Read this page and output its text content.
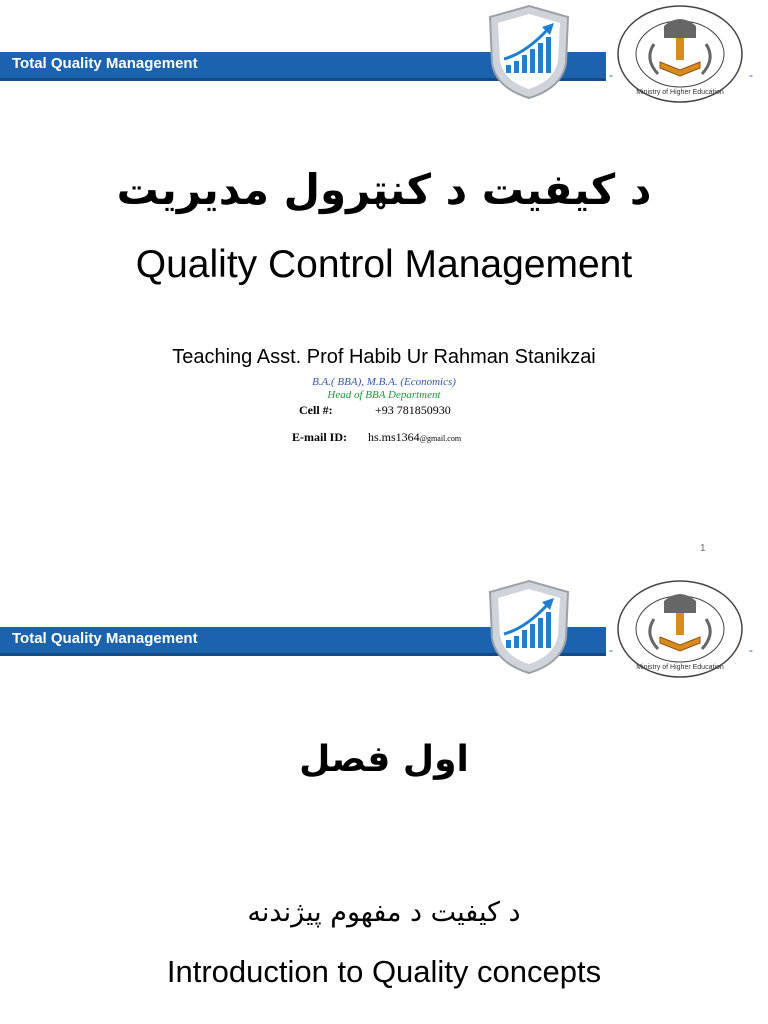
Total Quality Management
-
Ministry of Higher Education
-
د کیفیت د کنټرول مدیریت
Quality Control Management
Teaching Asst. Prof Habib Ur Rahman Stanikzai
B.A.( BBA), M.B.A. (Economics)
Head of BBA Department
Cell #:	+93 781850930
E-mail ID: hs.ms1364@gmail.com
1
Total Quality Management
-
Ministry of Higher Education
-
اول فصل
د کیفیت د مفهوم پیژندنه
Introduction to Quality concepts
